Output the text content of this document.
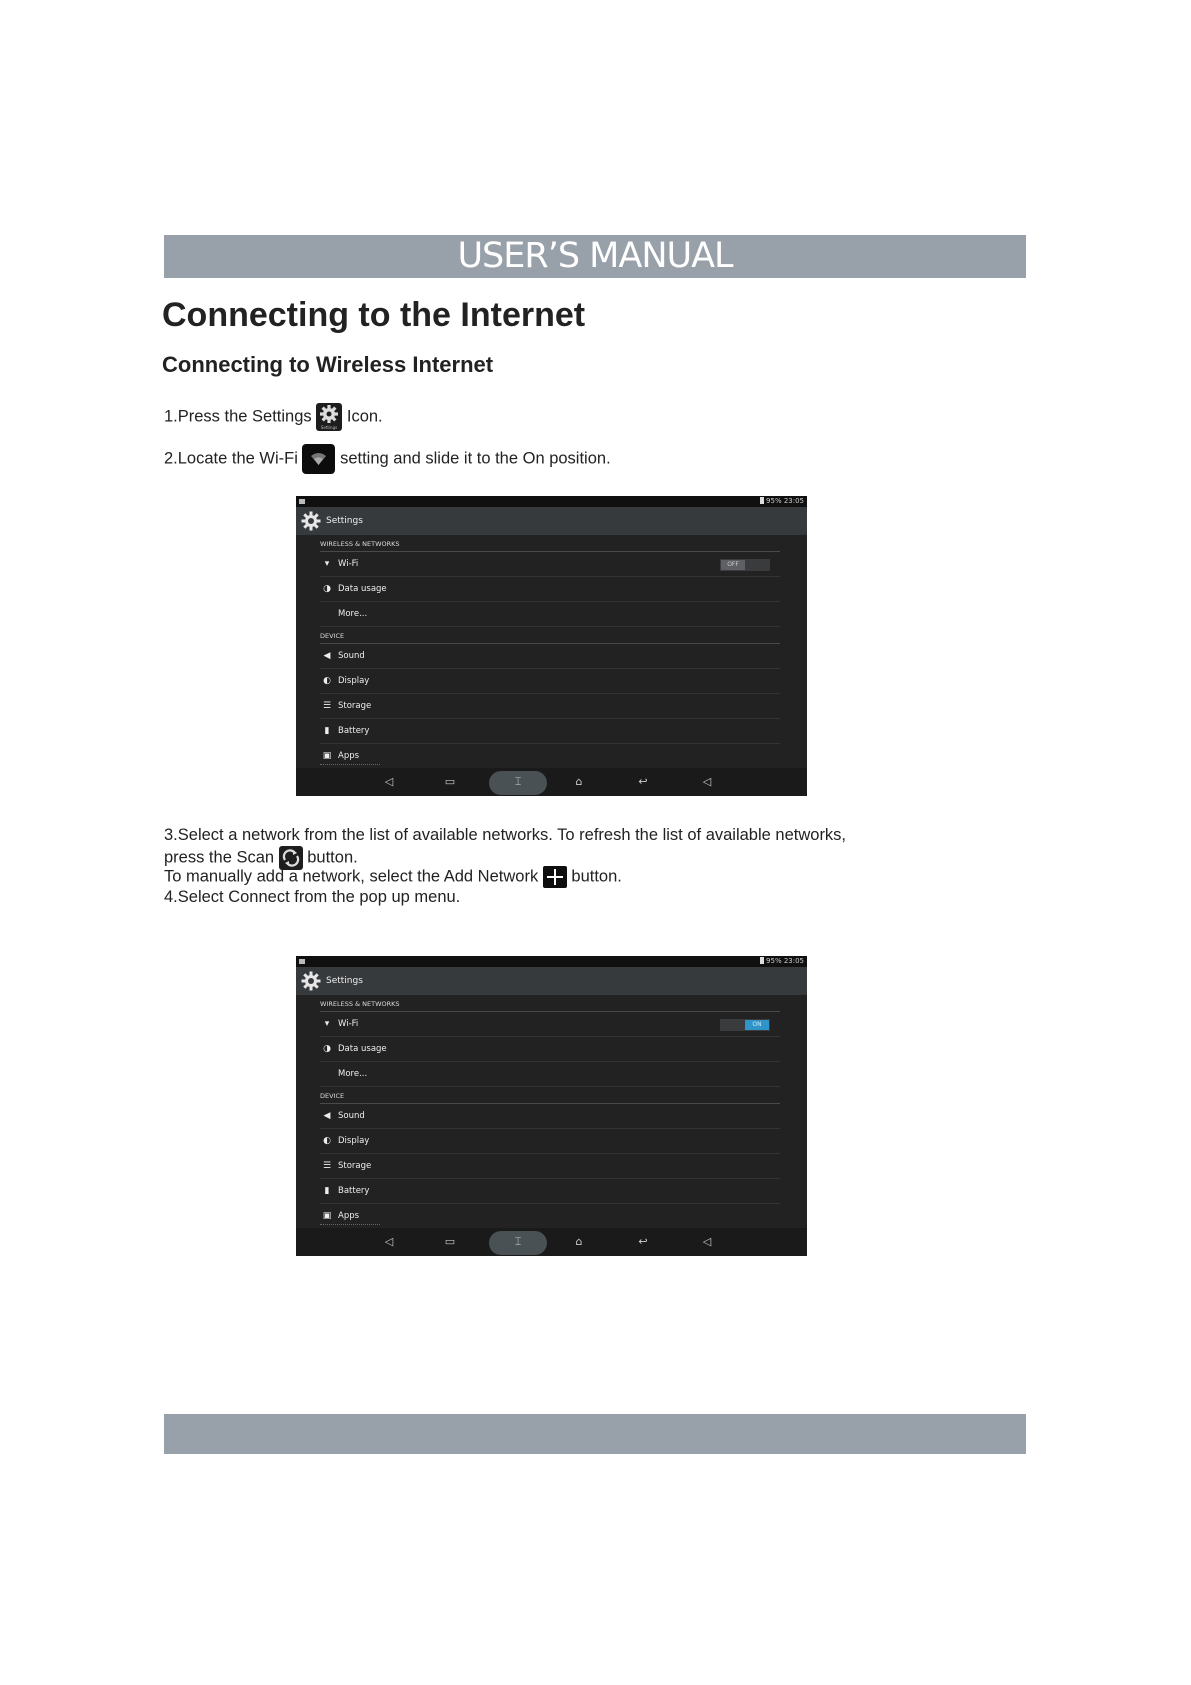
USER’S MANUAL
Connecting to the Internet
Connecting to Wireless Internet
1.Press the Settings
Settings
Icon.
2.Locate the Wi-Fi	setting and slide it to the On position.
95% 23:05
Settings
WIRELESS & NETWORKS
▾	Wi-Fi	OFF
◑ Data usage
More...
DEVICE
◀ Sound
◐ Display
☰ Storage
▮ Battery
▣ Apps
◁	▭	⌶	⌂	↩	◁
3.Select a network from the list of available networks. To refresh the list of available networks,
press the Scan button.
To manually add a network, select the Add Network button.
4.Select Connect from the pop up menu.
95% 23:05
Settings
WIRELESS & NETWORKS
▾	Wi-Fi	ON
◑ Data usage
More...
DEVICE
◀ Sound
◐ Display
☰ Storage
▮ Battery
▣ Apps
◁	▭	⌶	⌂	↩	◁
